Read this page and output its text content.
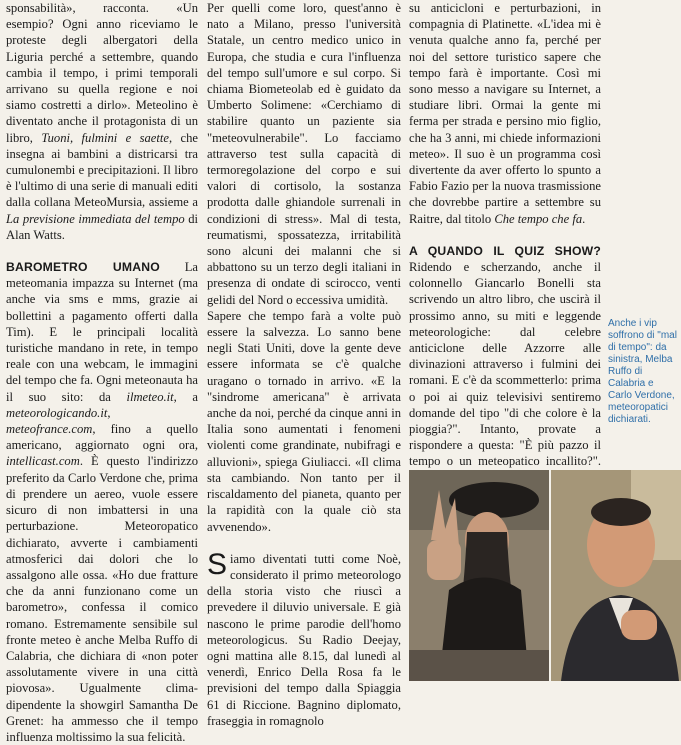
sponsabilità», racconta. «Un esempio? Ogni anno riceviamo le proteste degli albergatori della Liguria perché a settembre, quando cambia il tempo, i primi temporali arrivano su quella regione e noi siamo costretti a dirlo». Meteolino è diventato anche il protagonista di un libro, Tuoni, fulmini e saette, che insegna ai bambini a districarsi tra cumulonembi e precipitazioni. Il libro è l'ultimo di una serie di manuali editi dalla collana MeteoMursia, assieme a La previsione immediata del tempo di Alan Watts.

BAROMETRO UMANO La meteomania impazza su Internet (ma anche via sms e mms, grazie ai bollettini a pagamento offerti dalla Tim). E le principali località turistiche mandano in rete, in tempo reale con una webcam, le immagini del tempo che fa. Ogni meteonauta ha il suo sito: da ilmeteo.it, a meteorologicando.it, meteofrance.com, fino a quello americano, aggiornato ogni ora, intellicast.com. È questo l'indirizzo preferito da Carlo Verdone che, prima di prendere un aereo, vuole essere sicuro di non imbattersi in una perturbazione. Meteoropatico dichiarato, avverte i cambiamenti atmosferici dai dolori che lo assalgono alle ossa. «Ho due fratture che da anni funzionano come un barometro», confessa il comico romano. Estremamente sensibile sul fronte meteo è anche Melba Ruffo di Calabria, che dichiara di «non poter assolutamente vivere in una città piovosa». Ugualmente clima-dipendente la showgirl Samantha De Grenet: ha ammesso che il tempo influenza moltissimo la sua felicità.

Per quelli come loro, quest'anno è nato a Milano, presso l'università Statale, un centro medico unico in Europa, che studia e cura l'influenza del tempo sull'umore e sul corpo. Si chiama Biometeolab ed è guidato da Umberto Solimene: «Cerchiamo di stabilire quanto un paziente sia "meteovulnerabile". Lo facciamo attraverso test sulla capacità di termoregolazione del corpo e sui valori di cortisolo, la sostanza prodotta dalle ghiandole surrenali in condizioni di stress». Mal di testa, reumatismi, spossatezza, irritabilità sono alcuni dei malanni che si abbattono su un terzo degli italiani in presenza di ondate di scirocco, venti gelidi del Nord o eccessiva umidità.

Sapere che tempo farà a volte può essere la salvezza. Lo sanno bene negli Stati Uniti, dove la gente deve essere informata se c'è qualche uragano o tornado in arrivo. «E la "sindrome americana" è arrivata anche da noi, perché da cinque anni in Italia sono aumentati i fenomeni violenti come grandinate, nubifragi e alluvioni», spiega Giuliacci. «Il clima sta cambiando. Non tanto per il riscaldamento del pianeta, quanto per la rapidità con la quale ciò sta avvenendo».

Siamo diventati tutti come Noè, considerato il primo meteorologo della storia visto che riuscì a prevedere il diluvio universale. E già nascono le prime parodie dell'homo meteorologicus. Su Radio Deejay, ogni mattina alle 8.15, dal lunedì al venerdì, Enrico Della Rosa fa le previsioni del tempo dalla Spiaggia 61 di Riccione. Bagnino diplomato, fraseggia in romagnolo

su anticicloni e perturbazioni, in compagnia di Platinette. «L'idea mi è venuta qualche anno fa, perché per noi del settore turistico sapere che tempo farà è importante. Così mi sono messo a navigare su Internet, a studiare libri. Ormai la gente mi ferma per strada e persino mio figlio, che ha 3 anni, mi chiede informazioni meteo». Il suo è un programma così divertente da aver offerto lo spunto a Fabio Fazio per la nuova trasmissione che dovrebbe partire a settembre su Raitre, dal titolo Che tempo che fa.

A QUANDO IL QUIZ SHOW? Ridendo e scherzando, anche il colonnello Giancarlo Bonelli sta scrivendo un altro libro, che uscirà il prossimo anno, su miti e leggende meteorologiche: dal celebre anticiclone delle Azzorre alle divinazioni attraverso i fulmini dei romani. E c'è da scommetterlo: prima o poi ai quiz televisivi sentiremo domande del tipo "di che colore è la pioggia?". Intanto, provate a rispondere a questa: "È più pazzo il tempo o un meteopatico incallito?".

Anche i vip soffrono di "mal di tempo": da sinistra, Melba Ruffo di Calabria e Carlo Verdone, meteoropatici dichiarati.
